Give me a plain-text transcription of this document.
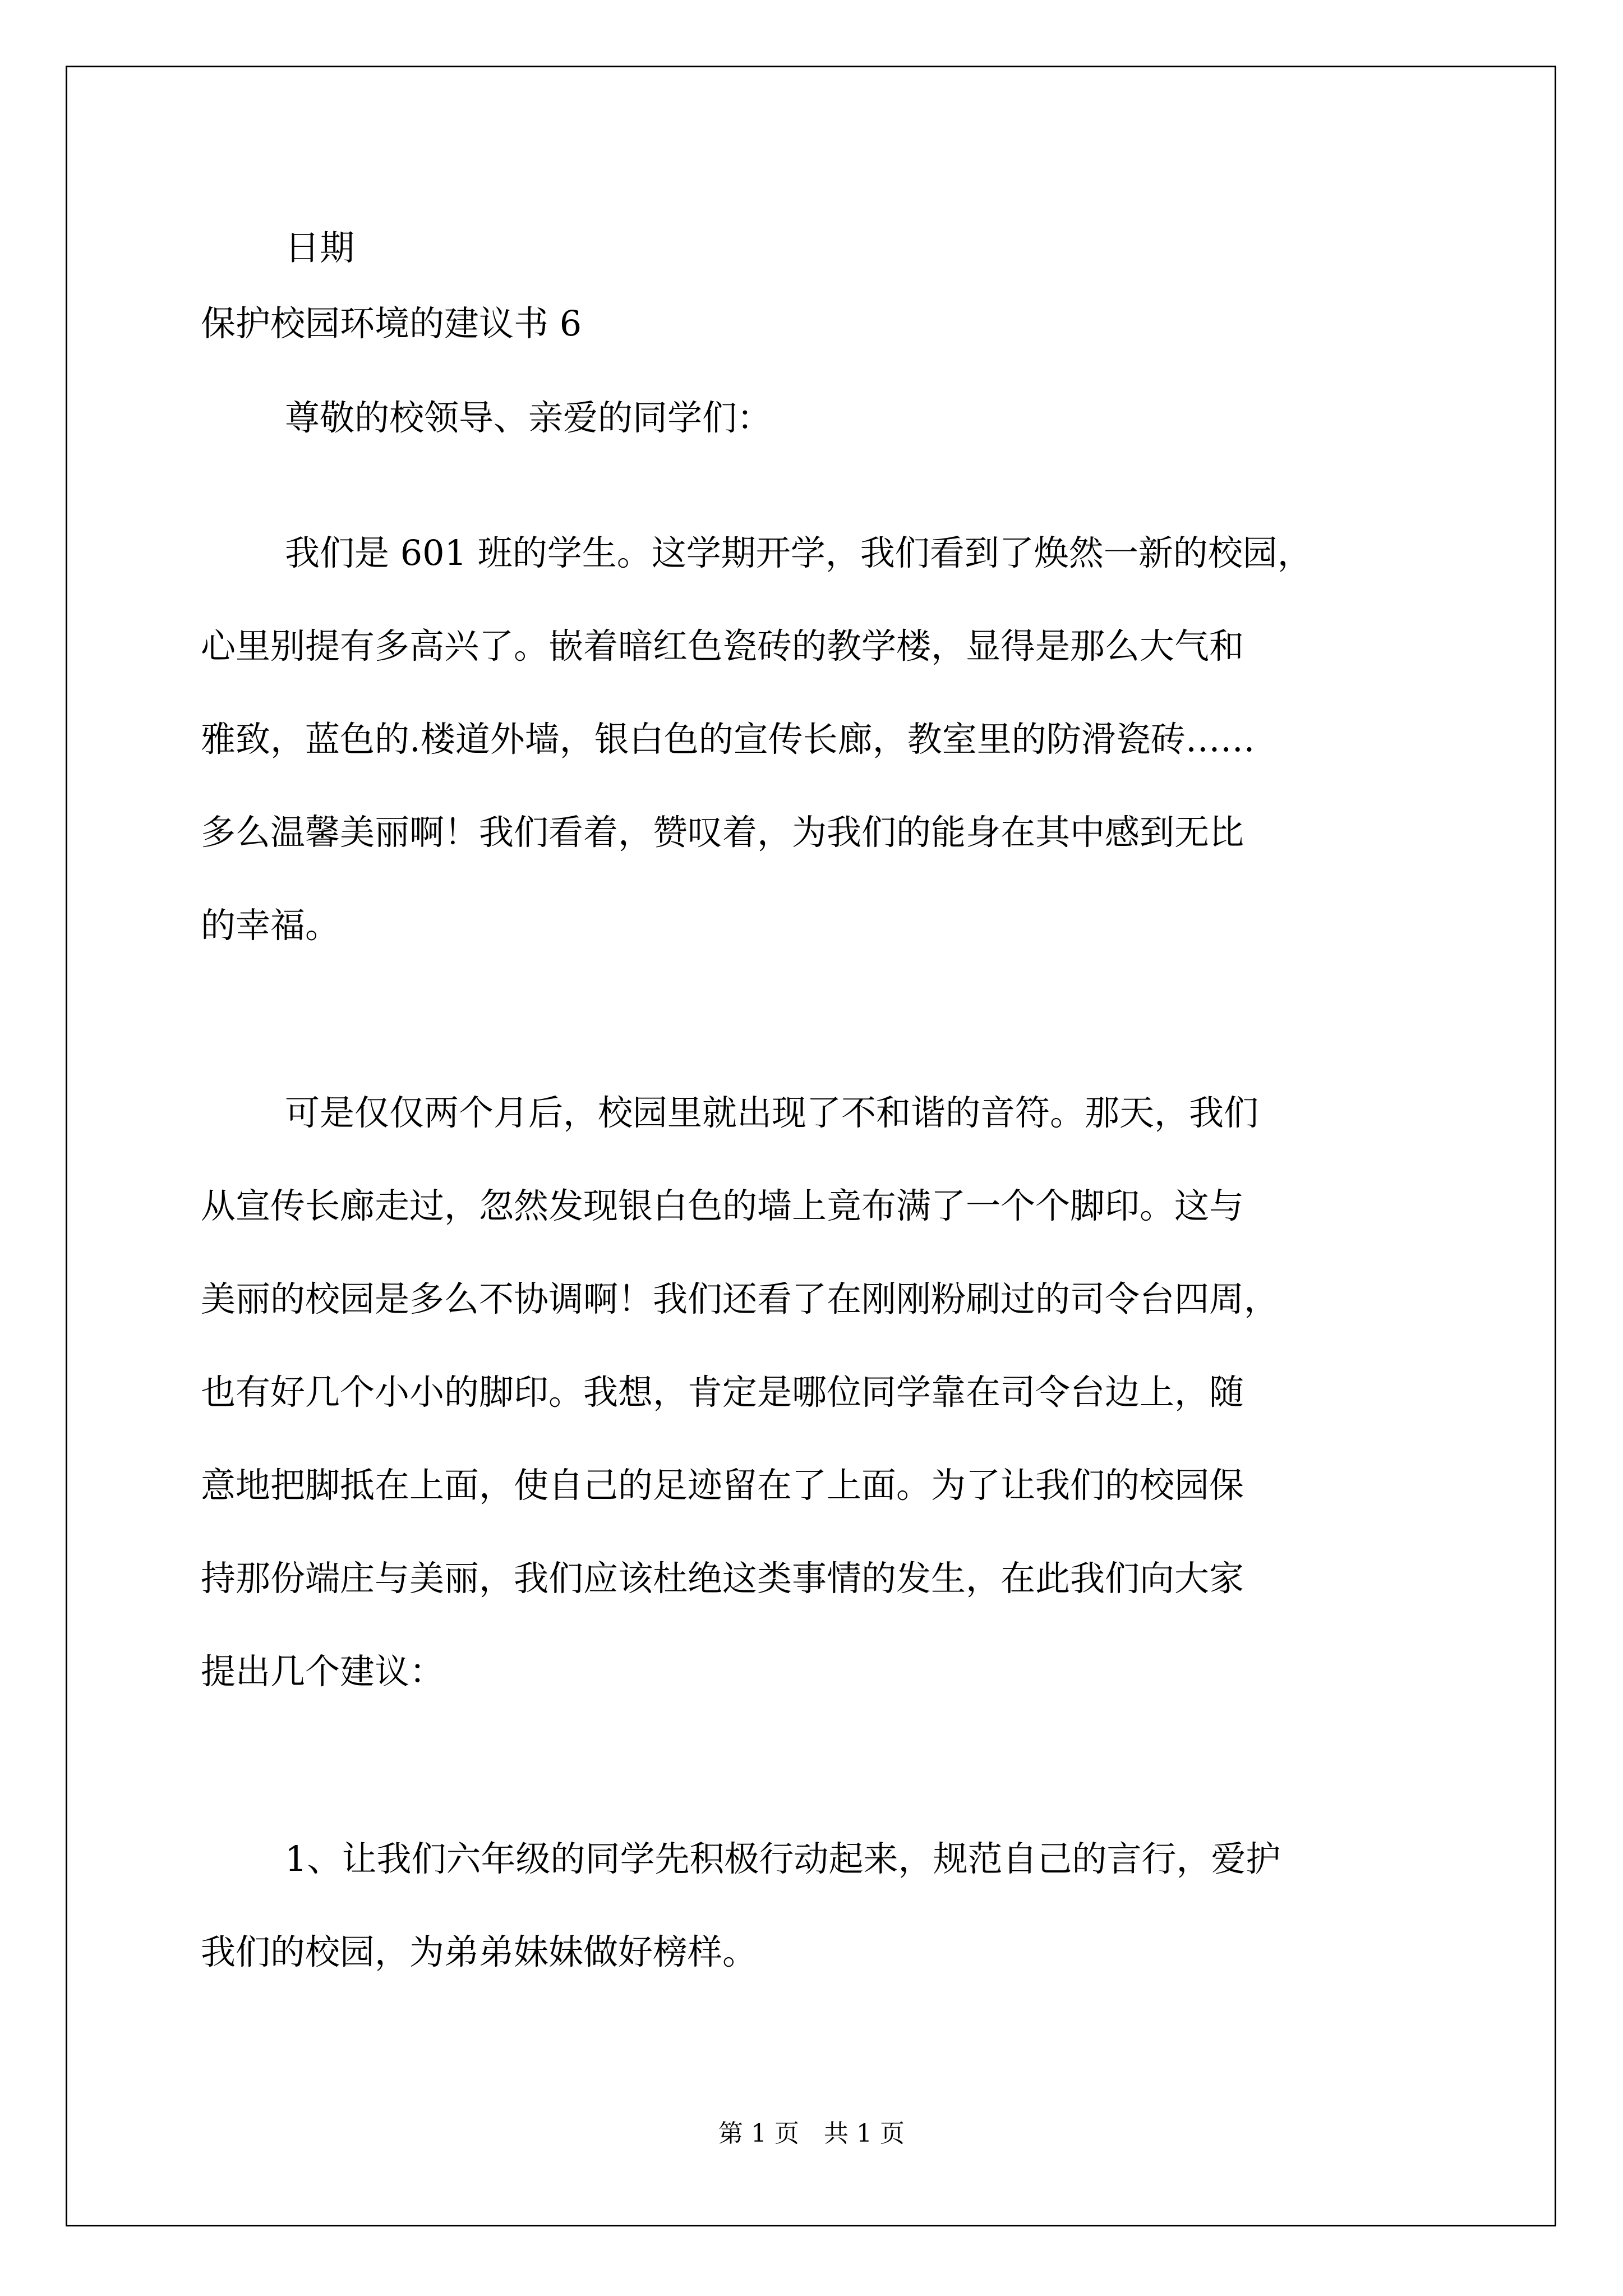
日期
保护校园环境的建议书 6
尊敬的校领导、亲爱的同学们：
我们是 601 班的学生。这学期开学，我们看到了焕然一新的校园，
心里别提有多高兴了。嵌着暗红色瓷砖的教学楼，显得是那么大气和
雅致，蓝色的.楼道外墙，银白色的宣传长廊，教室里的防滑瓷砖……
多么温馨美丽啊！我们看着，赞叹着，为我们的能身在其中感到无比
的幸福。
可是仅仅两个月后，校园里就出现了不和谐的音符。那天，我们
从宣传长廊走过，忽然发现银白色的墙上竟布满了一个个脚印。这与
美丽的校园是多么不协调啊！我们还看了在刚刚粉刷过的司令台四周，
也有好几个小小的脚印。我想，肯定是哪位同学靠在司令台边上，随
意地把脚抵在上面，使自己的足迹留在了上面。为了让我们的校园保
持那份端庄与美丽，我们应该杜绝这类事情的发生，在此我们向大家
提出几个建议：
1、让我们六年级的同学先积极行动起来，规范自己的言行，爱护
我们的校园，为弟弟妹妹做好榜样。
第 1 页　共 1 页
